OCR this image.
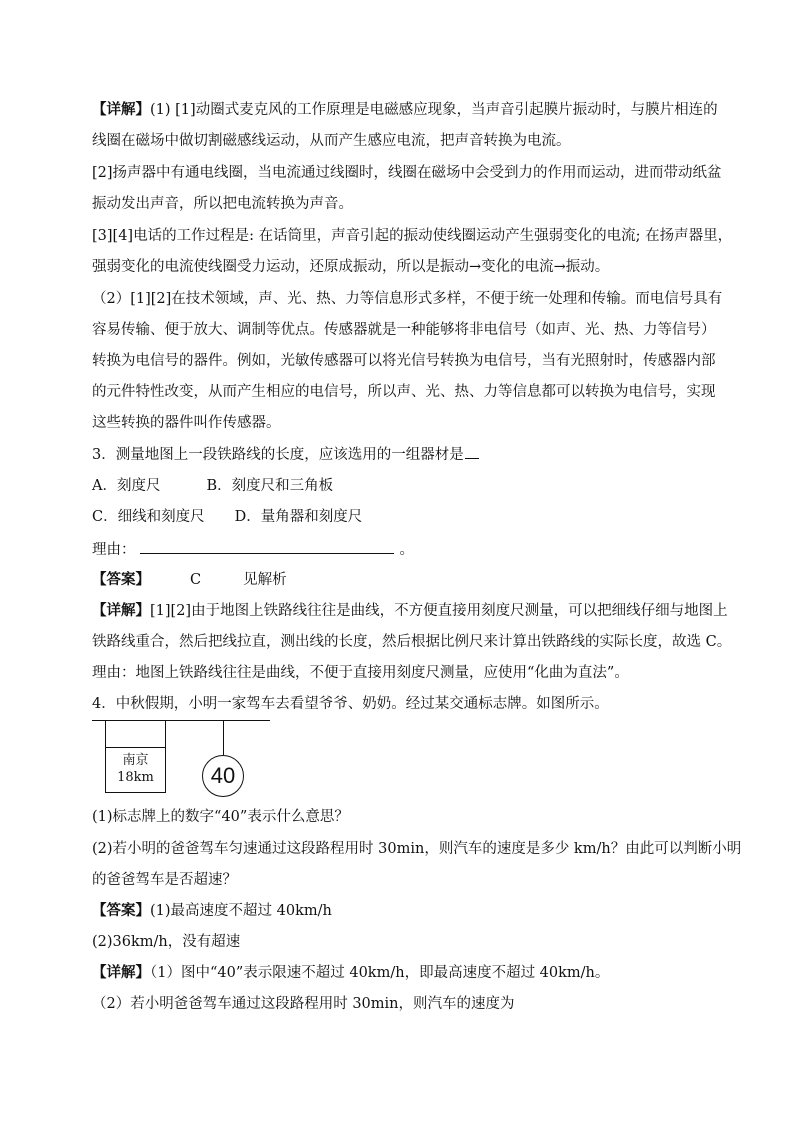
【详解】(1) [1]动圈式麦克风的工作原理是电磁感应现象，当声音引起膜片振动时，与膜片相连的
线圈在磁场中做切割磁感线运动，从而产生感应电流，把声音转换为电流。
[2]扬声器中有通电线圈，当电流通过线圈时，线圈在磁场中会受到力的作用而运动，进而带动纸盆
振动发出声音，所以把电流转换为声音。
[3][4]电话的工作过程是: 在话筒里，声音引起的振动使线圈运动产生强弱变化的电流; 在扬声器里，
强弱变化的电流使线圈受力运动，还原成振动，所以是振动→变化的电流→振动。
（2）[1][2]在技术领域，声、光、热、力等信息形式多样，不便于统一处理和传输。而电信号具有
容易传输、便于放大、调制等优点。传感器就是一种能够将非电信号（如声、光、热、力等信号）
转换为电信号的器件。例如，光敏传感器可以将光信号转换为电信号，当有光照射时，传感器内部
的元件特性改变，从而产生相应的电信号，所以声、光、热、力等信息都可以转换为电信号，实现
这些转换的器件叫作传感器。
3．测量地图上一段铁路线的长度，应该选用的一组器材是
A．刻度尺	B．刻度尺和三角板
C．细线和刻度尺 D．量角器和刻度尺
理由：	。
【答案】	C	见解析
【详解】[1][2]由于地图上铁路线往往是曲线，不方便直接用刻度尺测量，可以把细线仔细与地图上
铁路线重合，然后把线拉直，测出线的长度，然后根据比例尺来计算出铁路线的实际长度，故选 C。
理由：地图上铁路线往往是曲线，不便于直接用刻度尺测量，应使用“化曲为直法”。
4．中秋假期，小明一家驾车去看望爷爷、奶奶。经过某交通标志牌。如图所示。
南京
18km	40
(1)标志牌上的数字“40”表示什么意思？
(2)若小明的爸爸驾车匀速通过这段路程用时 30min，则汽车的速度是多少 km/h？由此可以判断小明
的爸爸驾车是否超速？
【答案】(1)最高速度不超过 40km/h
(2)36km/h，没有超速
【详解】（1）图中“40”表示限速不超过 40km/h，即最高速度不超过 40km/h。
（2）若小明爸爸驾车通过这段路程用时 30min，则汽车的速度为
